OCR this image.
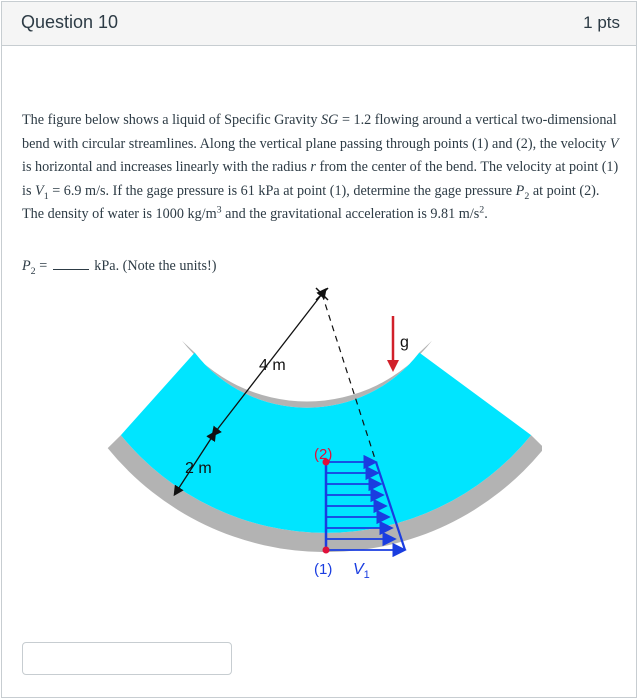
Question 10	1 pts

The figure below shows a liquid of Specific Gravity SG = 1.2 flowing around a vertical two-dimensional bend with circular streamlines. Along the vertical plane passing through points (1) and (2), the velocity V is horizontal and increases linearly with the radius r from the center of the bend. The velocity at point (1) is $V_1 = 6.9$ m/s. If the gage pressure is 61 kPa at point (1), determine the gage pressure $P_2$ at point (2). The density of water is 1000 $kg/m^3$ and the gravitational acceleration is 9.81 $m/s^2$.

$P_2$ =	kPa. (Note the units!)
4 m
2 m
g
(2)
(1) $V_1$
